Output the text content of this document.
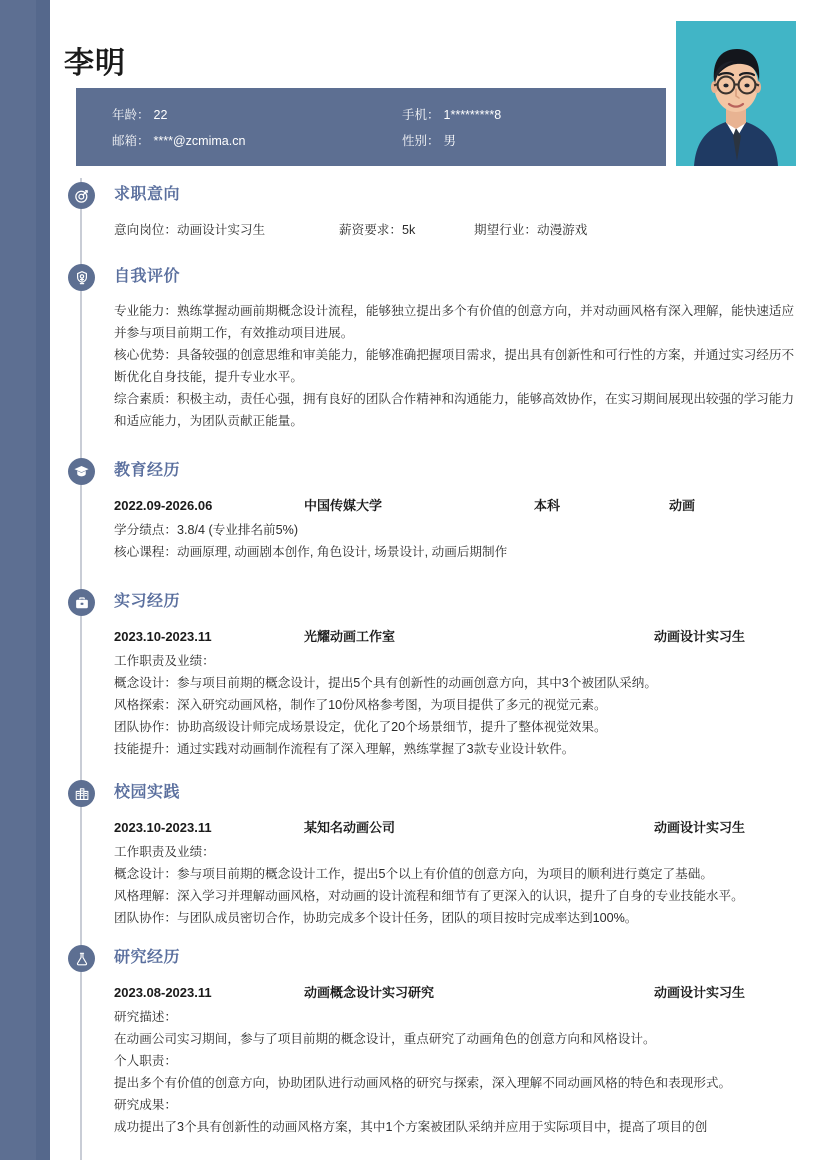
李明
年龄： 22	手机： 1*********8
邮箱： ****@zcmima.cn	性别： 男
求职意向
意向岗位：动画设计实习生	薪资要求：5k	期望行业：动漫游戏
自我评价
专业能力：熟练掌握动画前期概念设计流程，能够独立提出多个有价值的创意方向，并对动画风格有深入理解，能快速适应并参与项目前期工作，有效推动项目进展。
核心优势：具备较强的创意思维和审美能力，能够准确把握项目需求，提出具有创新性和可行性的方案，并通过实习经历不断优化自身技能，提升专业水平。
综合素质：积极主动，责任心强，拥有良好的团队合作精神和沟通能力，能够高效协作，在实习期间展现出较强的学习能力和适应能力，为团队贡献正能量。
教育经历
2022.09-2026.06	中国传媒大学	本科	动画
学分绩点：3.8/4 (专业排名前5%)
核心课程：动画原理, 动画剧本创作, 角色设计, 场景设计, 动画后期制作
实习经历
2023.10-2023.11	光耀动画工作室	动画设计实习生
工作职责及业绩：
概念设计：参与项目前期的概念设计，提出5个具有创新性的动画创意方向，其中3个被团队采纳。
风格探索：深入研究动画风格，制作了10份风格参考图，为项目提供了多元的视觉元素。
团队协作：协助高级设计师完成场景设定，优化了20个场景细节，提升了整体视觉效果。
技能提升：通过实践对动画制作流程有了深入理解，熟练掌握了3款专业设计软件。
校园实践
2023.10-2023.11	某知名动画公司	动画设计实习生
工作职责及业绩：
概念设计：参与项目前期的概念设计工作，提出5个以上有价值的创意方向，为项目的顺利进行奠定了基础。
风格理解：深入学习并理解动画风格，对动画的设计流程和细节有了更深入的认识，提升了自身的专业技能水平。
团队协作：与团队成员密切合作，协助完成多个设计任务，团队的项目按时完成率达到100%。
研究经历
2023.08-2023.11	动画概念设计实习研究	动画设计实习生
研究描述：
在动画公司实习期间，参与了项目前期的概念设计，重点研究了动画角色的创意方向和风格设计。
个人职责：
提出多个有价值的创意方向，协助团队进行动画风格的研究与探索，深入理解不同动画风格的特色和表现形式。
研究成果：
成功提出了3个具有创新性的动画风格方案，其中1个方案被团队采纳并应用于实际项目中，提高了项目的创
